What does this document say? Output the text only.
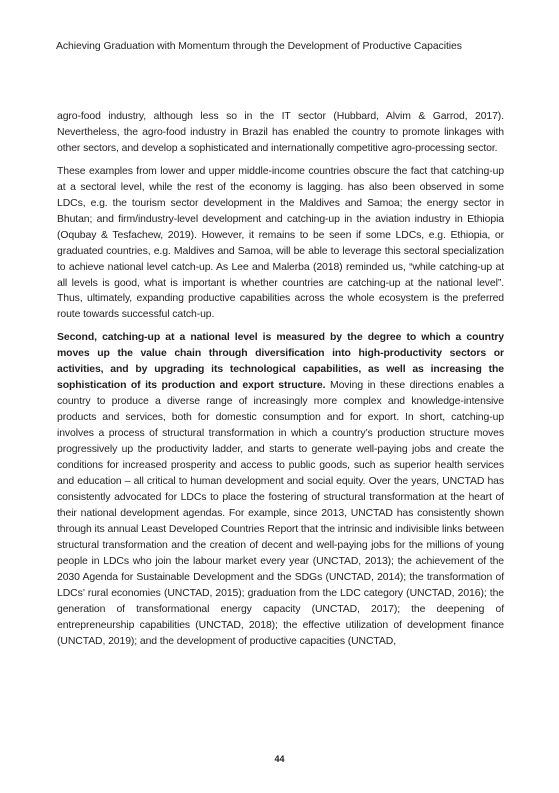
Achieving Graduation with Momentum through the Development of Productive Capacities

agro-food industry, although less so in the IT sector (Hubbard, Alvim & Garrod, 2017). Nevertheless, the agro-food industry in Brazil has enabled the country to promote linkages with other sectors, and develop a sophisticated and internationally competitive agro-processing sector.

These examples from lower and upper middle-income countries obscure the fact that catching-up at a sectoral level, while the rest of the economy is lagging. has also been observed in some LDCs, e.g. the tourism sector development in the Maldives and Samoa; the energy sector in Bhutan; and firm/industry-level development and catching-up in the aviation industry in Ethiopia (Oqubay & Tesfachew, 2019). However, it remains to be seen if some LDCs, e.g. Ethiopia, or graduated countries, e.g. Maldives and Samoa, will be able to leverage this sectoral specialization to achieve national level catch-up. As Lee and Malerba (2018) reminded us, “while catching-up at all levels is good, what is important is whether countries are catching-up at the national level”. Thus, ultimately, expanding productive capabilities across the whole ecosystem is the preferred route towards successful catch-up.

Second, catching-up at a national level is measured by the degree to which a country moves up the value chain through diversification into high-productivity sectors or activities, and by upgrading its technological capabilities, as well as increasing the sophistication of its production and export structure. Moving in these directions enables a country to produce a diverse range of increasingly more complex and knowledge-intensive products and services, both for domestic consumption and for export. In short, catching-up involves a process of structural transformation in which a country’s production structure moves progressively up the productivity ladder, and starts to generate well-paying jobs and create the conditions for increased prosperity and access to public goods, such as superior health services and education – all critical to human development and social equity. Over the years, UNCTAD has consistently advocated for LDCs to place the fostering of structural transformation at the heart of their national development agendas. For example, since 2013, UNCTAD has consistently shown through its annual Least Developed Countries Report that the intrinsic and indivisible links between structural transformation and the creation of decent and well-paying jobs for the millions of young people in LDCs who join the labour market every year (UNCTAD, 2013); the achievement of the 2030 Agenda for Sustainable Development and the SDGs (UNCTAD, 2014); the transformation of LDCs’ rural economies (UNCTAD, 2015); graduation from the LDC category (UNCTAD, 2016); the generation of transformational energy capacity (UNCTAD, 2017); the deepening of entrepreneurship capabilities (UNCTAD, 2018); the effective utilization of development finance (UNCTAD, 2019); and the development of productive capacities (UNCTAD,

44
